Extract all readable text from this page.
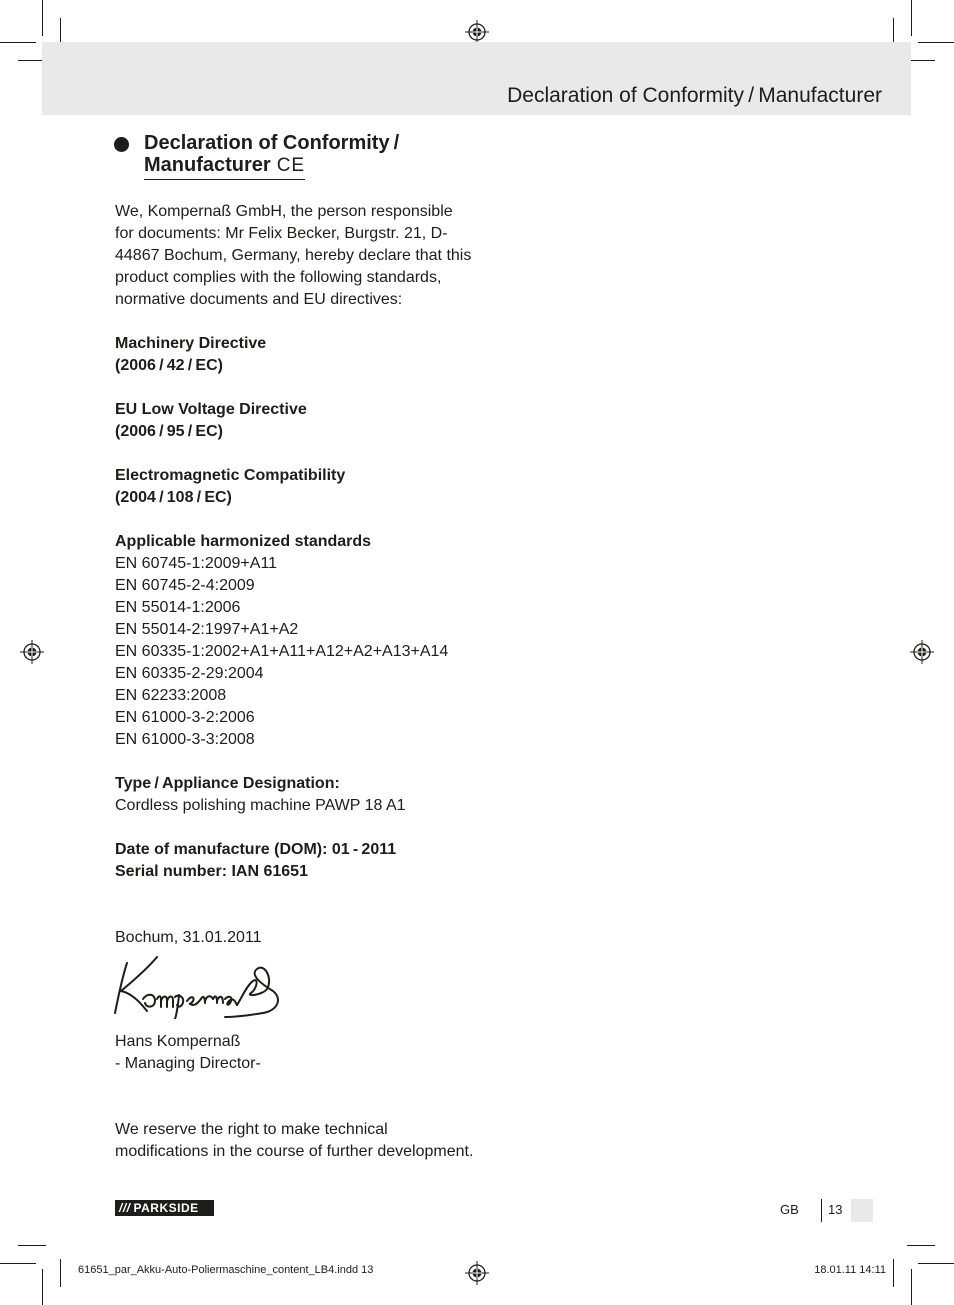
Declaration of Conformity / Manufacturer
Declaration of Conformity /
Manufacturer CE

We, Kompernaß GmbH, the person responsible for documents: Mr Felix Becker, Burgstr. 21, D-44867 Bochum, Germany, hereby declare that this product complies with the following standards, normative documents and EU directives:

Machinery Directive
(2006 / 42 / EC)

EU Low Voltage Directive
(2006 / 95 / EC)

Electromagnetic Compatibility
(2004 / 108 / EC)

Applicable harmonized standards
EN 60745-1:2009+A11
EN 60745-2-4:2009
EN 55014-1:2006
EN 55014-2:1997+A1+A2
EN 60335-1:2002+A1+A11+A12+A2+A13+A14
EN 60335-2-29:2004
EN 62233:2008
EN 61000-3-2:2006
EN 61000-3-3:2008

Type / Appliance Designation:
Cordless polishing machine PAWP 18 A1

Date of manufacture (DOM): 01 - 2011
Serial number: IAN 61651

Bochum, 31.01.2011
Hans Kompernaß
- Managing Director-
We reserve the right to make technical modifications in the course of further development.
/// PARKSIDE	GB 13
61651_par_Akku-Auto-Poliermaschine_content_LB4.indd 13	18.01.11 14:11
